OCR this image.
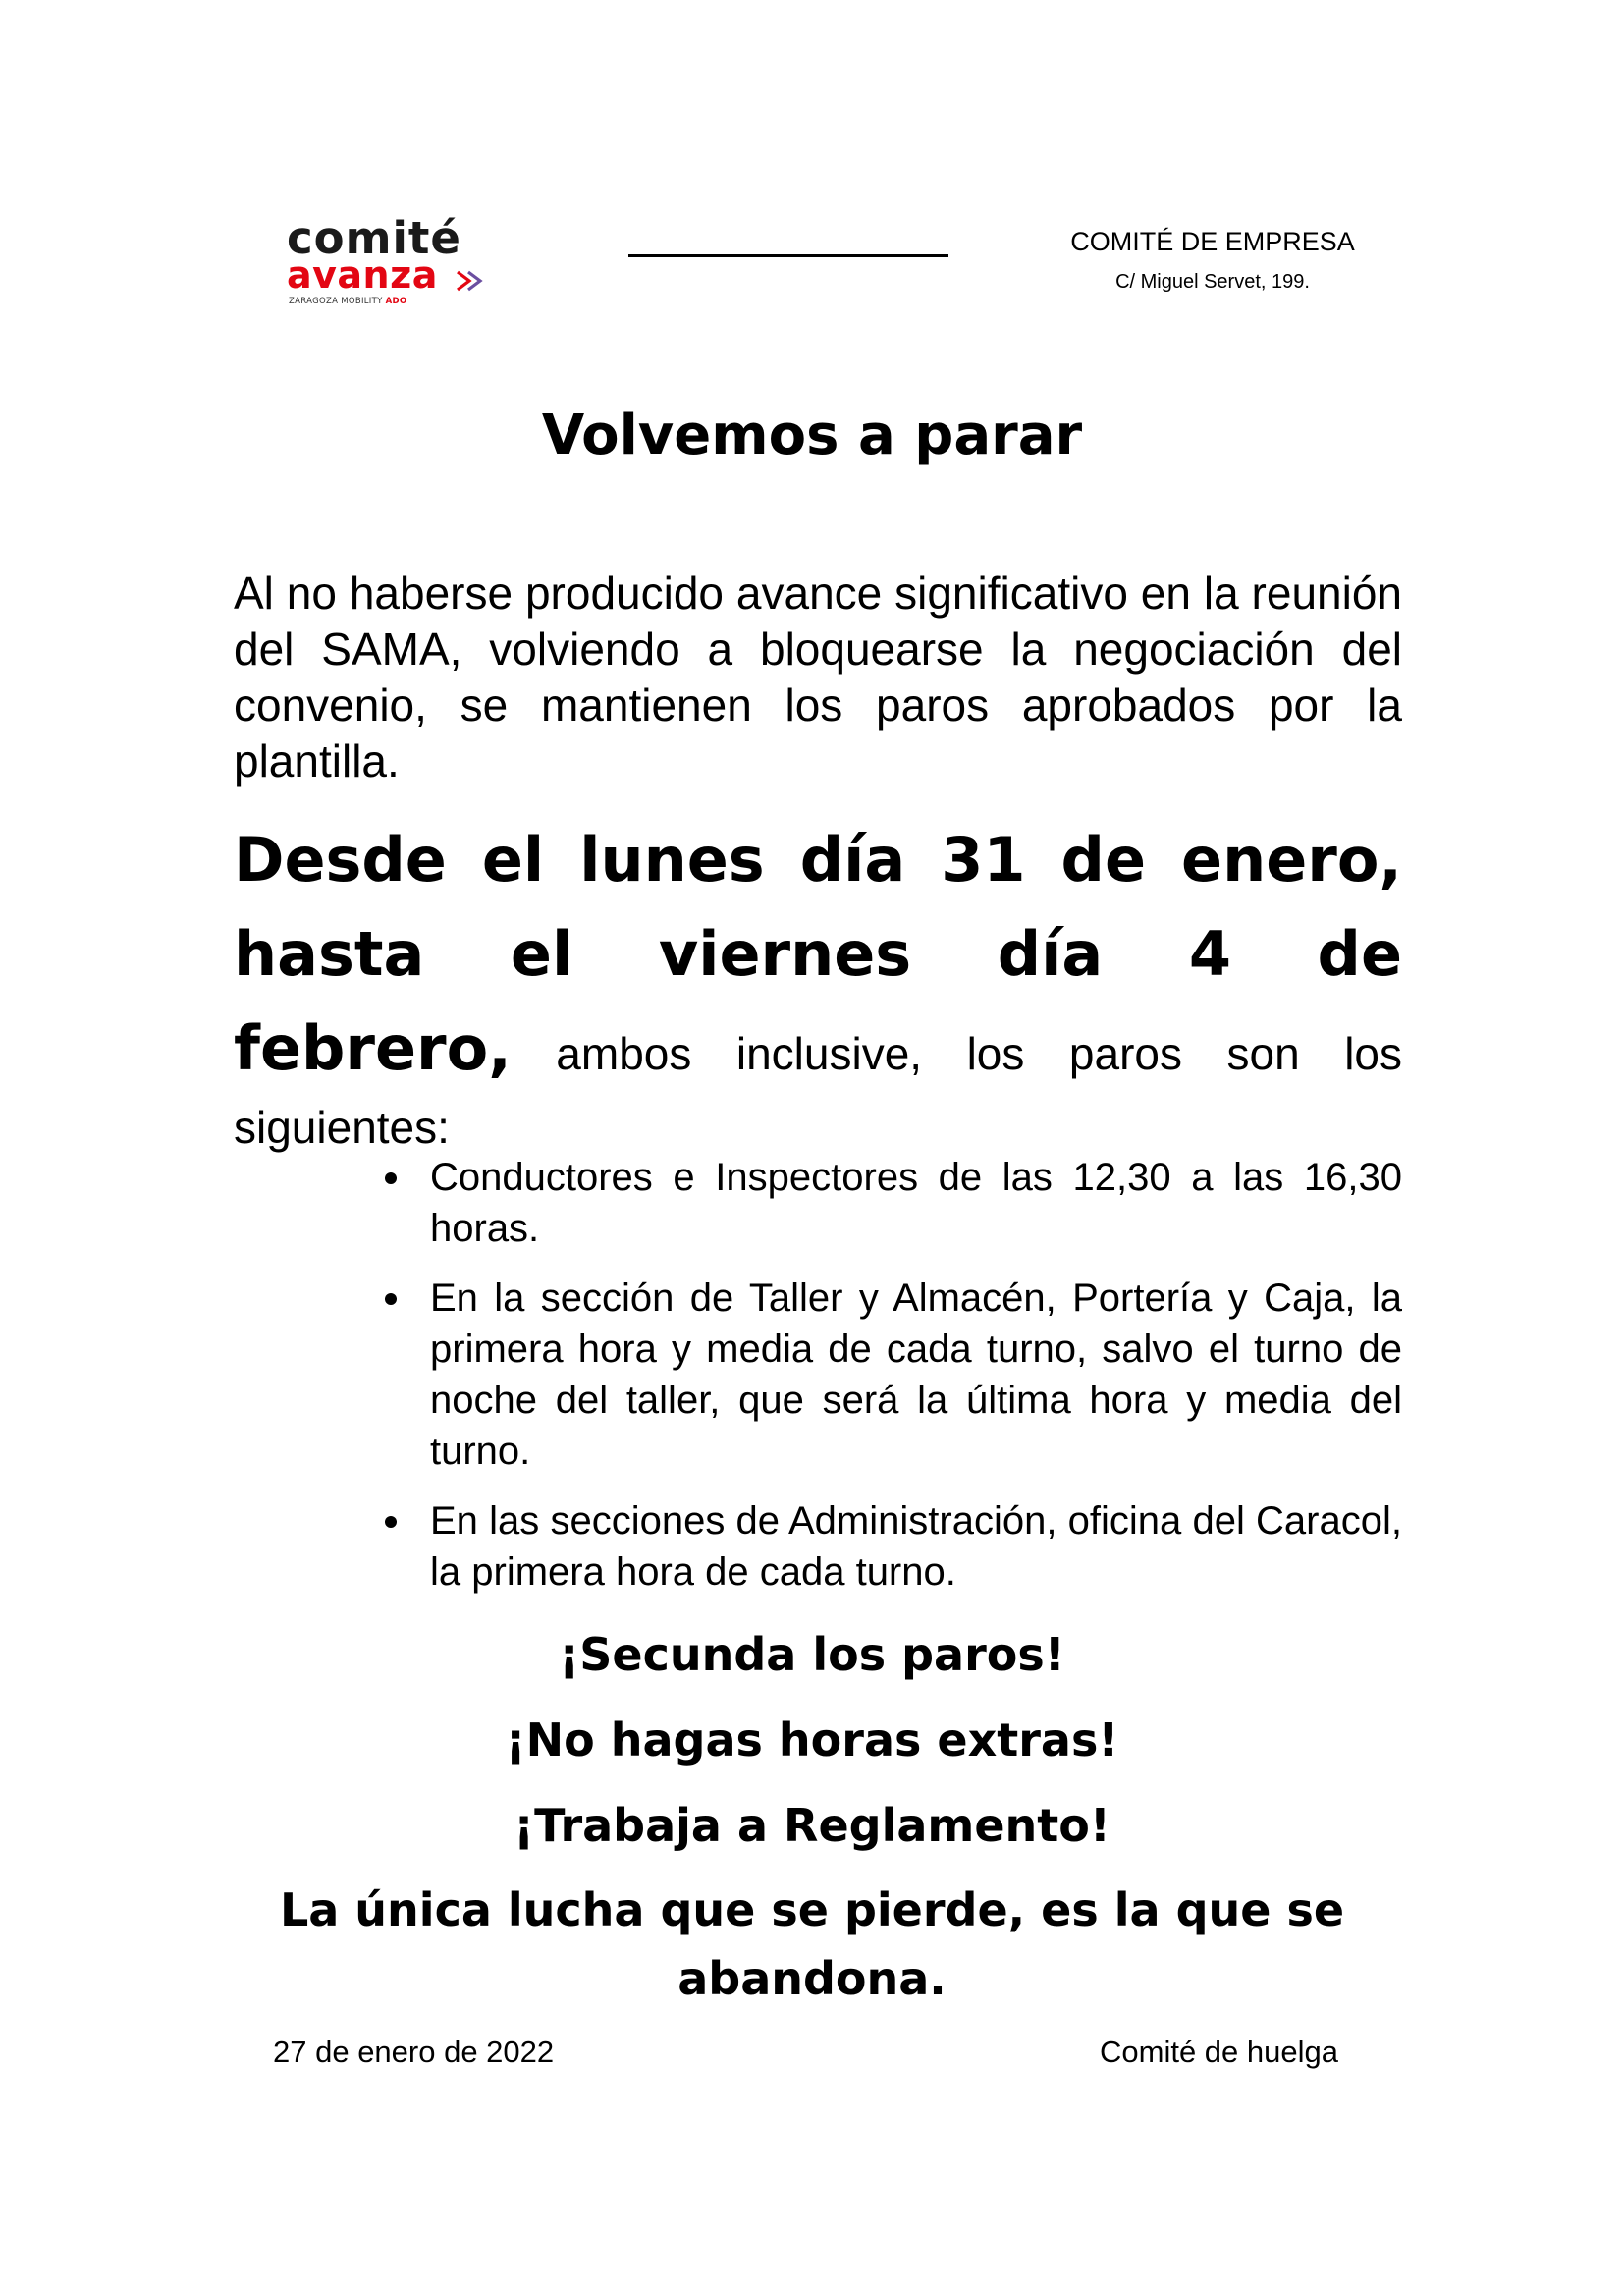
comité
avanza
ZARAGOZA MOBILITY ADO
COMITÉ DE EMPRESA
C/ Miguel Servet, 199.
Volvemos a parar

Al no haberse producido avance significativo en la reunión del SAMA, volviendo a bloquearse la negociación del convenio, se mantienen los paros aprobados por la plantilla.

Desde el lunes día 31 de enero,
hasta el viernes día 4 de
febrero, ambos inclusive, los paros son los siguientes:

Conductores e Inspectores de las 12,30 a las 16,30 horas.
En la sección de Taller y Almacén, Portería y Caja, la primera hora y media de cada turno, salvo el turno de noche del taller, que será la última hora y media del turno.
En las secciones de Administración, oficina del Caracol, la primera hora de cada turno.
¡Secunda los paros!
¡No hagas horas extras!
¡Trabaja a Reglamento!
La única lucha que se pierde, es la que se abandona.
27 de enero de 2022	Comité de huelga
